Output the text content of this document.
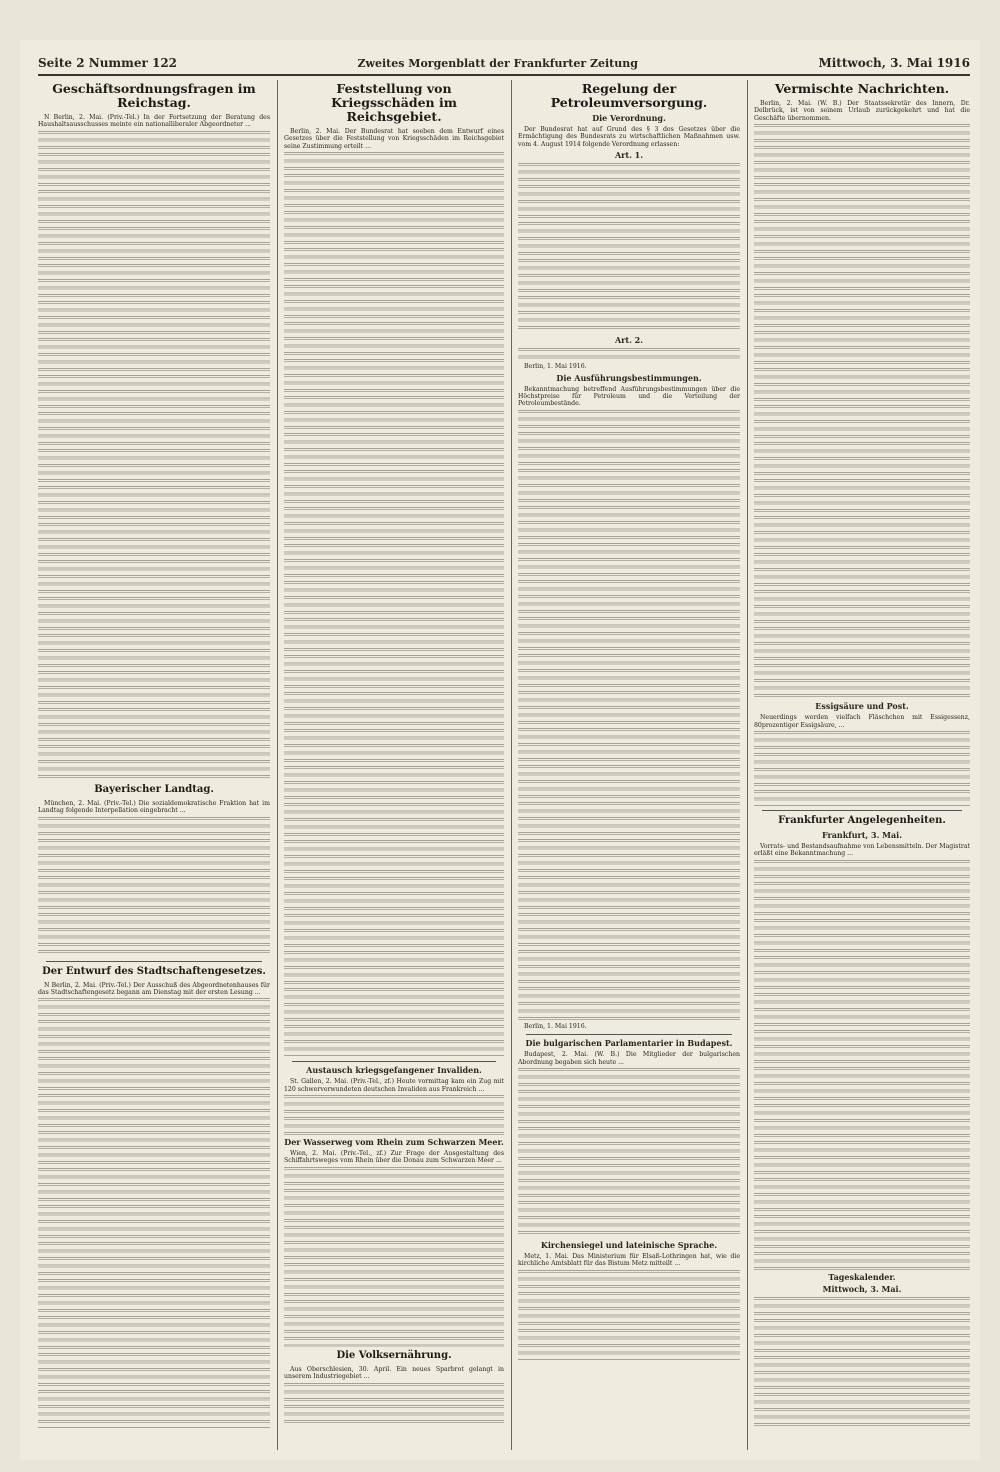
Seite 2 Nummer 122	Zweites Morgenblatt der Frankfurter Zeitung	Mittwoch, 3. Mai 1916
Geschäftsordnungsfragen im Reichstag.

N Berlin, 2. Mai. (Priv.-Tel.) In der Fortsetzung der Beratung des Haushaltsausschusses meinte ein nationalliberaler Abgeordneter ...

Bayerischer Landtag.

München, 2. Mai. (Priv.-Tel.) Die sozialdemokratische Fraktion hat im Landtag folgende Interpellation eingebracht ...

Der Entwurf des Stadtschaftengesetzes.

N Berlin, 2. Mai. (Priv.-Tel.) Der Ausschuß des Abgeordnetenhauses für das Stadtschaftengesetz begann am Dienstag mit der ersten Lesung ...

Feststellung von Kriegsschäden im Reichsgebiet.

Berlin, 2. Mai. Der Bundesrat hat soeben dem Entwurf eines Gesetzes über die Feststellung von Kriegsschäden im Reichsgebiet seine Zustimmung erteilt ...

Austausch kriegsgefangener Invaliden.

St. Gallen, 2. Mai. (Priv.-Tel., zf.) Heute vormittag kam ein Zug mit 120 schwerverwundeten deutschen Invaliden aus Frankreich ...

Der Wasserweg vom Rhein zum Schwarzen Meer.

Wien, 2. Mai. (Priv.-Tel., zf.) Zur Frage der Ausgestaltung des Schiffahrtsweges vom Rhein über die Donau zum Schwarzen Meer ...

Die Volksernährung.

Aus Oberschlesien, 30. April. Ein neues Sparbrot gelangt in unserem Industriegebiet ...

Regelung der Petroleumversorgung.
Die Verordnung.

Der Bundesrat hat auf Grund des § 3 des Gesetzes über die Ermächtigung des Bundesrats zu wirtschaftlichen Maßnahmen usw. vom 4. August 1914 folgende Verordnung erlassen:

Art. 1.
Art. 2.

Berlin, 1. Mai 1916.

Die Ausführungsbestimmungen.

Bekanntmachung betreffend Ausführungsbestimmungen über die Höchstpreise für Petroleum und die Verteilung der Petroleumbestände.

Berlin, 1. Mai 1916.

Die bulgarischen Parlamentarier in Budapest.

Budapest, 2. Mai. (W. B.) Die Mitglieder der bulgarischen Abordnung begaben sich heute ...

Kirchensiegel und lateinische Sprache.

Metz, 1. Mai. Das Ministerium für Elsaß-Lothringen hat, wie die kirchliche Amtsblatt für das Bistum Metz mitteilt ...

Vermischte Nachrichten.

Berlin, 2. Mai. (W. B.) Der Staatssekretär des Innern, Dr. Delbrück, ist von seinem Urlaub zurückgekehrt und hat die Geschäfte übernommen.

Essigsäure und Post.

Neuerdings werden vielfach Fläschchen mit Essigessenz, 80prozentiger Essigsäure, ...

Frankfurter Angelegenheiten.
Frankfurt, 3. Mai.

Vorrats- und Bestandsaufnahme von Lebensmitteln. Der Magistrat erläßt eine Bekanntmachung ...

Tageskalender.
Mittwoch, 3. Mai.
